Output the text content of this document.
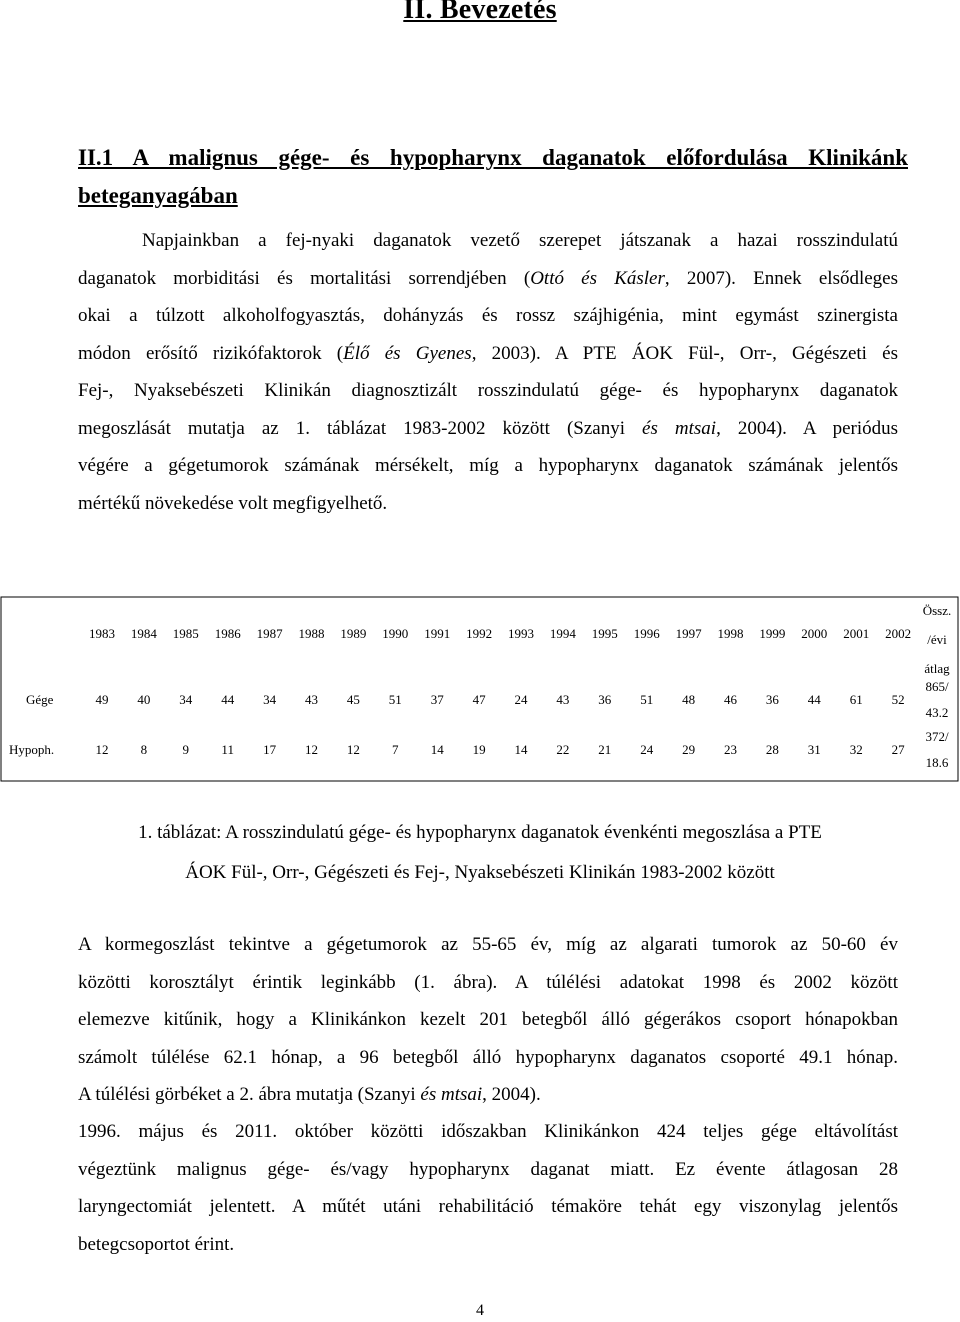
II. Bevezetés
II.1 A malignus gége- és hypopharynx daganatok előfordulása Klinikánk beteganyagában
Napjainkban a fej-nyaki daganatok vezető szerepet játszanak a hazai rosszindulatú
daganatok morbiditási és mortalitási sorrendjében (Ottó és Kásler, 2007). Ennek elsődleges
okai a túlzott alkoholfogyasztás, dohányzás és rossz szájhigénia, mint egymást szinergista
módon erősítő rizikófaktorok (Élő és Gyenes, 2003). A PTE ÁOK Fül-, Orr-, Gégészeti és
Fej-, Nyaksebészeti Klinikán diagnosztizált rosszindulatú gége- és hypopharynx daganatok
megoszlását mutatja az 1. táblázat 1983-2002 között (Szanyi és mtsai, 2004). A periódus
végére a gégetumorok számának mérsékelt, míg a hypopharynx daganatok számának jelentős
mértékű növekedése volt megfigyelhető.
1983 1984 1985 1986 1987 1988 1989 1990 1991 1992 1993 1994 1995 1996 1997 1998 1999 2000 2001 2002
Össz.
/évi
átlag
Gége	49 40 34 44 34 43 45 51 37 47 24 43 36 51 48 46 36 44 61 52
865/
43.2
Hypoph.	12 8	9 11 17 12 12 7 14 19 14 22 21 24 29 23 28 31 32 27
372/
18.6
1. táblázat: A rosszindulatú gége- és hypopharynx daganatok évenkénti megoszlása a PTE
ÁOK Fül-, Orr-, Gégészeti és Fej-, Nyaksebészeti Klinikán 1983-2002 között
A kormegoszlást tekintve a gégetumorok az 55-65 év, míg az algarati tumorok az 50-60 év
közötti korosztályt érintik leginkább (1. ábra). A túlélési adatokat 1998 és 2002 között
elemezve kitűnik, hogy a Klinikánkon kezelt 201 betegből álló gégerákos csoport hónapokban
számolt túlélése 62.1 hónap, a 96 betegből álló hypopharynx daganatos csoporté 49.1 hónap.
A túlélési görbéket a 2. ábra mutatja (Szanyi és mtsai, 2004).
1996. május és 2011. október közötti időszakban Klinikánkon 424 teljes gége eltávolítást
végeztünk malignus gége- és/vagy hypopharynx daganat miatt. Ez évente átlagosan 28
laryngectomiát jelentett. A műtét utáni rehabilitáció témaköre tehát egy viszonylag jelentős
betegcsoportot érint.
4
